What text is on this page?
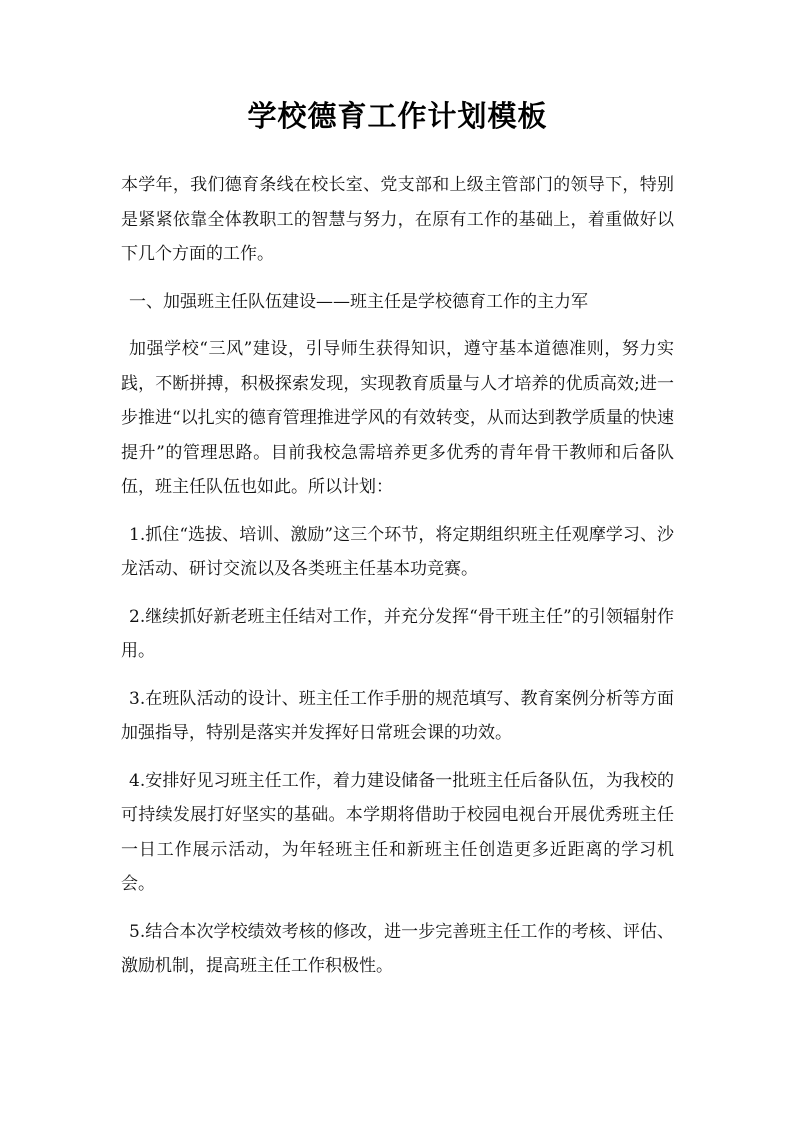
学校德育工作计划模板

本学年，我们德育条线在校长室、党支部和上级主管部门的领导下，特别是紧紧依靠全体教职工的智慧与努力，在原有工作的基础上，着重做好以下几个方面的工作。

一、加强班主任队伍建设——班主任是学校德育工作的主力军

加强学校“三风”建设，引导师生获得知识，遵守基本道德准则，努力实践，不断拼搏，积极探索发现，实现教育质量与人才培养的优质高效;进一步推进“以扎实的德育管理推进学风的有效转变，从而达到教学质量的快速提升”的管理思路。目前我校急需培养更多优秀的青年骨干教师和后备队伍，班主任队伍也如此。所以计划：

1.抓住“选拔、培训、激励”这三个环节，将定期组织班主任观摩学习、沙龙活动、研讨交流以及各类班主任基本功竞赛。

2.继续抓好新老班主任结对工作，并充分发挥“骨干班主任”的引领辐射作用。

3.在班队活动的设计、班主任工作手册的规范填写、教育案例分析等方面加强指导，特别是落实并发挥好日常班会课的功效。

4.安排好见习班主任工作，着力建设储备一批班主任后备队伍，为我校的可持续发展打好坚实的基础。本学期将借助于校园电视台开展优秀班主任一日工作展示活动，为年轻班主任和新班主任创造更多近距离的学习机会。

5.结合本次学校绩效考核的修改，进一步完善班主任工作的考核、评估、激励机制，提高班主任工作积极性。
